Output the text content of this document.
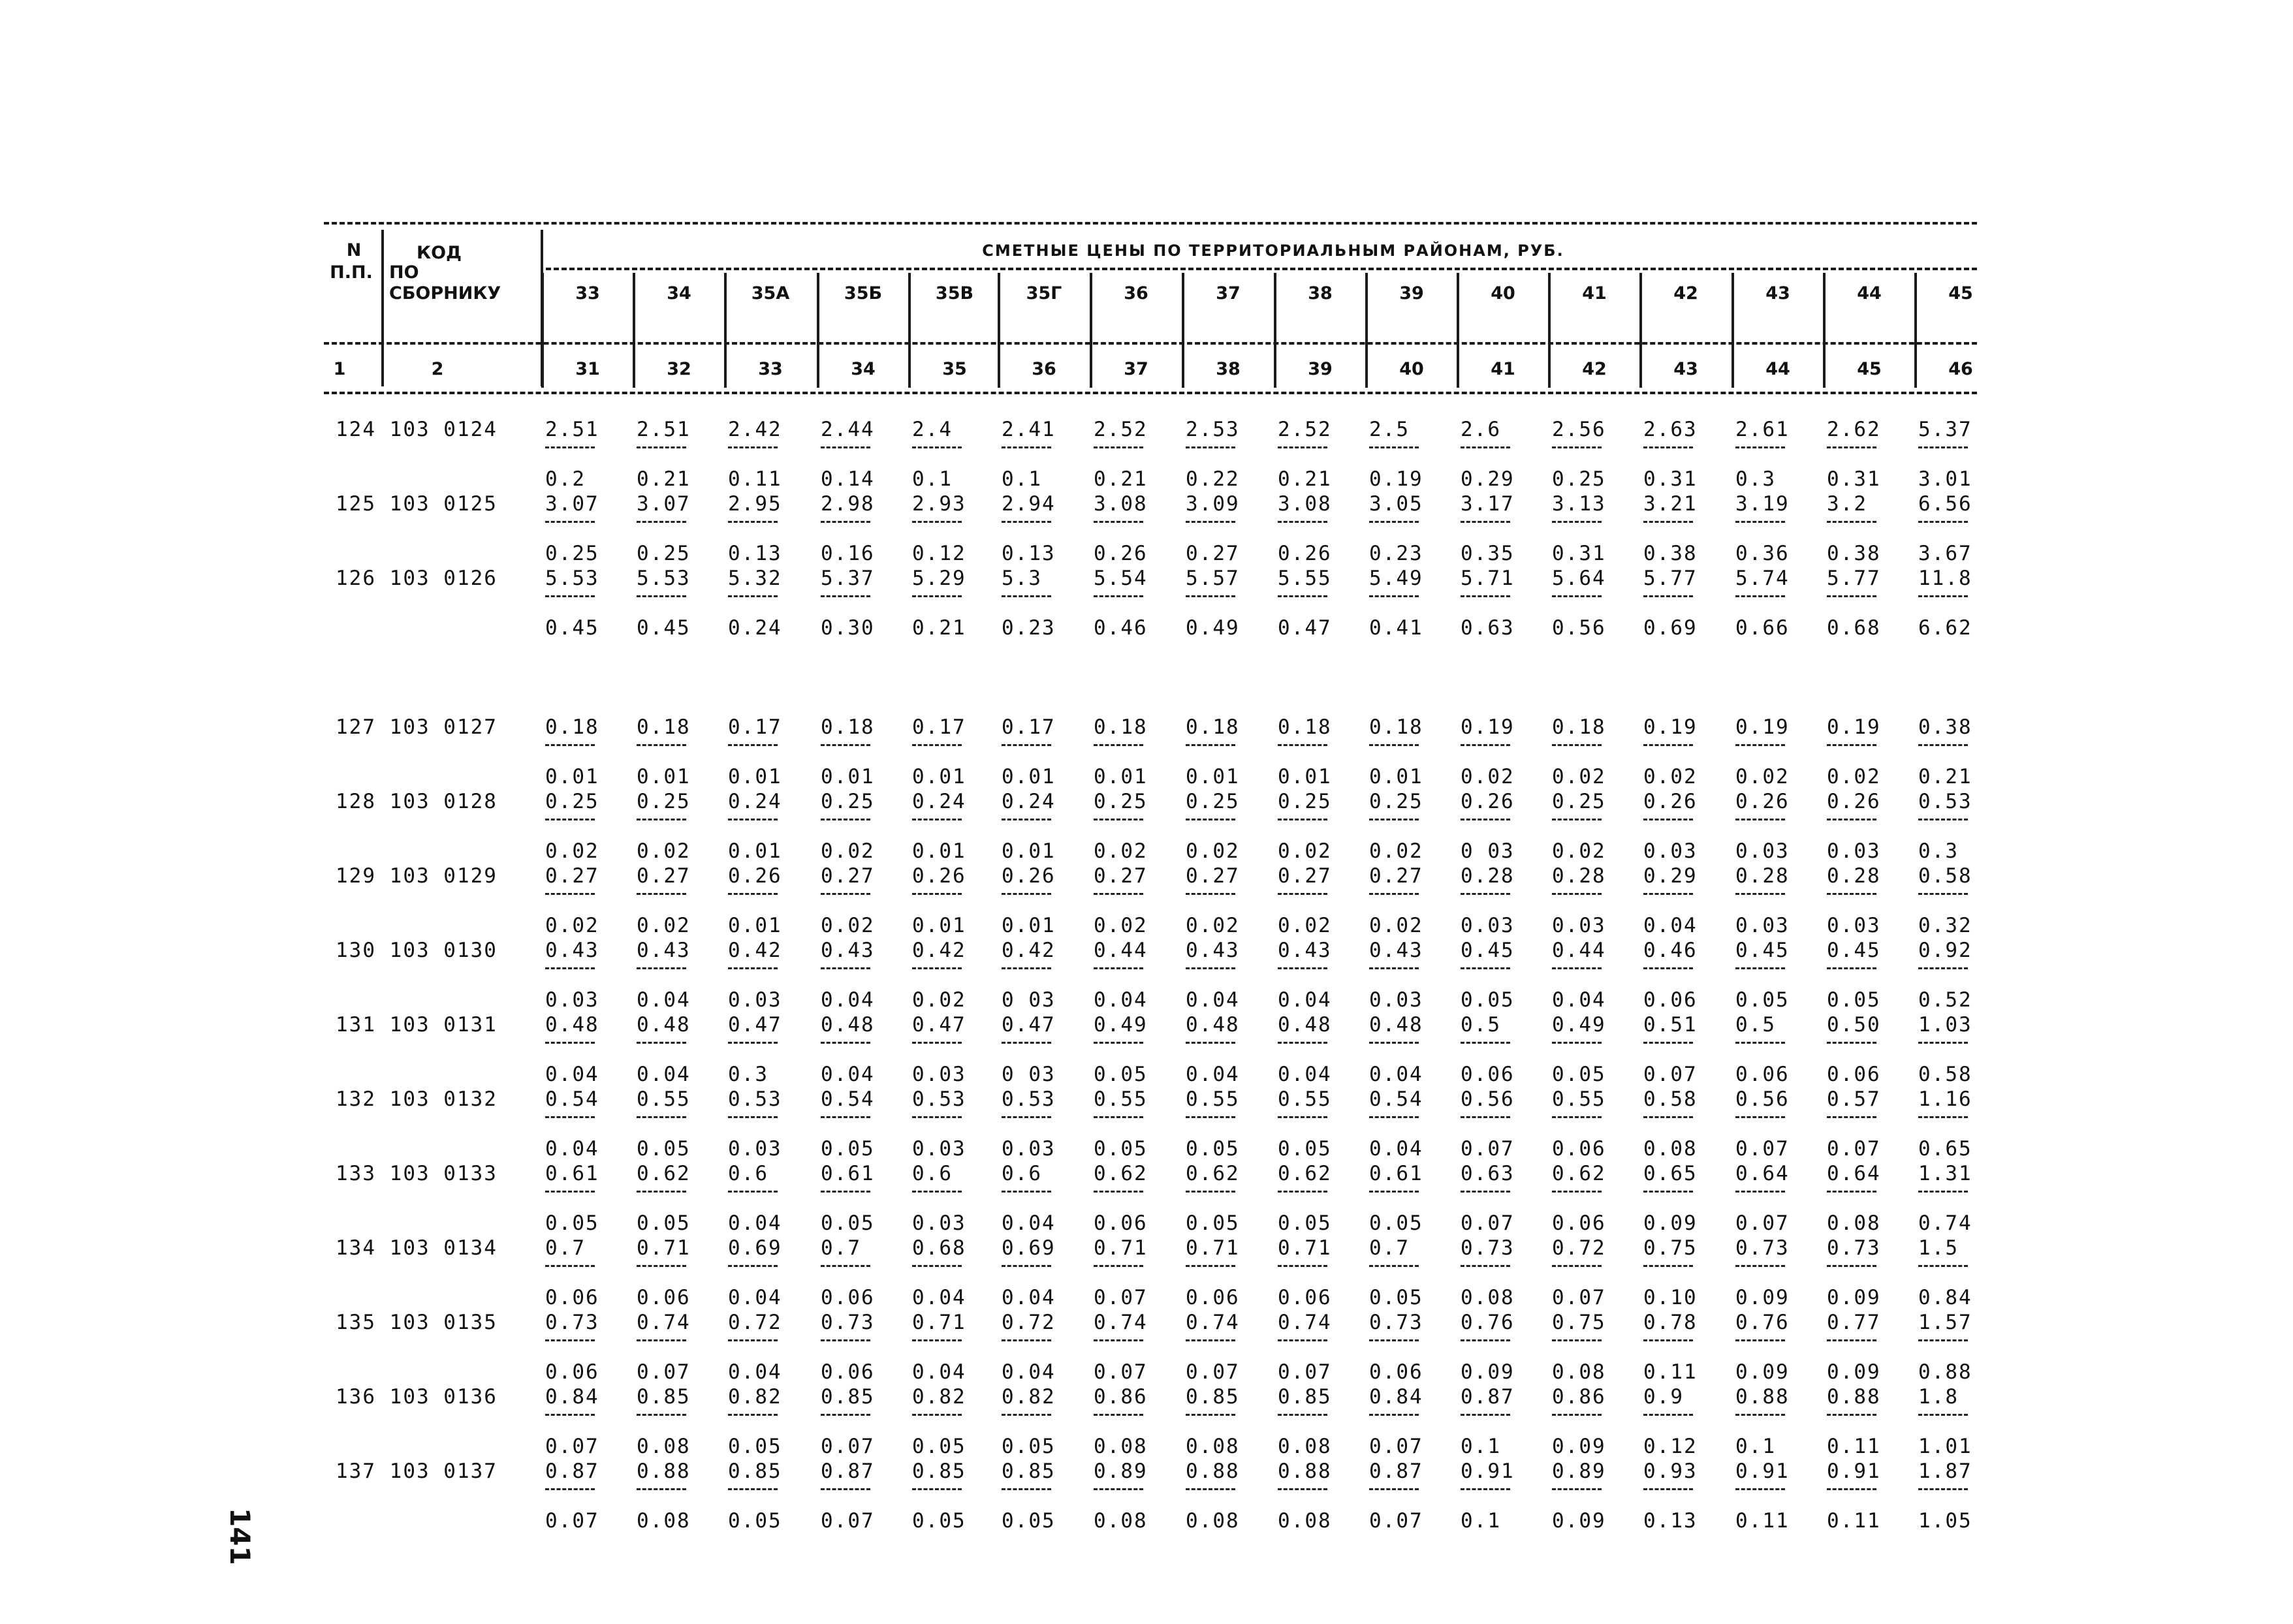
N
П.П.
КОД
ПО
СБОРНИКУ
1	2
СМЕТНЫЕ ЦЕНЫ ПО ТЕРРИТОРИАЛЬНЫМ РАЙОНАМ, РУБ.
33
31
34
32
35А
33
35Б
34
35В
35
35Г
36
36
37
37
38
38
39
39
40
40
41
41
42
42
43
43
44
44
45
45
46
124 103 0124 2.51
0.2
2.51
0.21
2.42
0.11
2.44
0.14
2.4
0.1
2.41
0.1
2.52
0.21
2.53
0.22
2.52
0.21
2.5
0.19
2.6
0.29
2.56
0.25
2.63
0.31
2.61
0.3
2.62
0.31
5.37
3.01
125 103 0125 3.07
0.25
3.07
0.25
2.95
0.13
2.98
0.16
2.93
0.12
2.94
0.13
3.08
0.26
3.09
0.27
3.08
0.26
3.05
0.23
3.17
0.35
3.13
0.31
3.21
0.38
3.19
0.36
3.2
0.38
6.56
3.67
126 103 0126 5.53
0.45
5.53
0.45
5.32
0.24
5.37
0.30
5.29
0.21
5.3
0.23
5.54
0.46
5.57
0.49
5.55
0.47
5.49
0.41
5.71
0.63
5.64
0.56
5.77
0.69
5.74
0.66
5.77
0.68
11.8
6.62
127 103 0127 0.18
0.01
0.18
0.01
0.17
0.01
0.18
0.01
0.17
0.01
0.17
0.01
0.18
0.01
0.18
0.01
0.18
0.01
0.18
0.01
0.19
0.02
0.18
0.02
0.19
0.02
0.19
0.02
0.19
0.02
0.38
0.21
128 103 0128 0.25
0.02
0.25
0.02
0.24
0.01
0.25
0.02
0.24
0.01
0.24
0.01
0.25
0.02
0.25
0.02
0.25
0.02
0.25
0.02
0.26
0 03
0.25
0.02
0.26
0.03
0.26
0.03
0.26
0.03
0.53
0.3
129 103 0129 0.27
0.02
0.27
0.02
0.26
0.01
0.27
0.02
0.26
0.01
0.26
0.01
0.27
0.02
0.27
0.02
0.27
0.02
0.27
0.02
0.28
0.03
0.28
0.03
0.29
0.04
0.28
0.03
0.28
0.03
0.58
0.32
130 103 0130 0.43
0.03
0.43
0.04
0.42
0.03
0.43
0.04
0.42
0.02
0.42
0 03
0.44
0.04
0.43
0.04
0.43
0.04
0.43
0.03
0.45
0.05
0.44
0.04
0.46
0.06
0.45
0.05
0.45
0.05
0.92
0.52
131 103 0131 0.48
0.04
0.48
0.04
0.47
0.3
0.48
0.04
0.47
0.03
0.47
0 03
0.49
0.05
0.48
0.04
0.48
0.04
0.48
0.04
0.5
0.06
0.49
0.05
0.51
0.07
0.5
0.06
0.50
0.06
1.03
0.58
132 103 0132 0.54
0.04
0.55
0.05
0.53
0.03
0.54
0.05
0.53
0.03
0.53
0.03
0.55
0.05
0.55
0.05
0.55
0.05
0.54
0.04
0.56
0.07
0.55
0.06
0.58
0.08
0.56
0.07
0.57
0.07
1.16
0.65
133 103 0133 0.61
0.05
0.62
0.05
0.6
0.04
0.61
0.05
0.6
0.03
0.6
0.04
0.62
0.06
0.62
0.05
0.62
0.05
0.61
0.05
0.63
0.07
0.62
0.06
0.65
0.09
0.64
0.07
0.64
0.08
1.31
0.74
134 103 0134 0.7
0.06
0.71
0.06
0.69
0.04
0.7
0.06
0.68
0.04
0.69
0.04
0.71
0.07
0.71
0.06
0.71
0.06
0.7
0.05
0.73
0.08
0.72
0.07
0.75
0.10
0.73
0.09
0.73
0.09
1.5
0.84
135 103 0135 0.73
0.06
0.74
0.07
0.72
0.04
0.73
0.06
0.71
0.04
0.72
0.04
0.74
0.07
0.74
0.07
0.74
0.07
0.73
0.06
0.76
0.09
0.75
0.08
0.78
0.11
0.76
0.09
0.77
0.09
1.57
0.88
136 103 0136 0.84
0.07
0.85
0.08
0.82
0.05
0.85
0.07
0.82
0.05
0.82
0.05
0.86
0.08
0.85
0.08
0.85
0.08
0.84
0.07
0.87
0.1
0.86
0.09
0.9
0.12
0.88
0.1
0.88
0.11
1.8
1.01
137 103 0137 0.87
0.07
0.88
0.08
0.85
0.05
0.87
0.07
0.85
0.05
0.85
0.05
0.89
0.08
0.88
0.08
0.88
0.08
0.87
0.07
0.91
0.1
0.89
0.09
0.93
0.13
0.91
0.11
0.91
0.11
1.87
1.05
141
